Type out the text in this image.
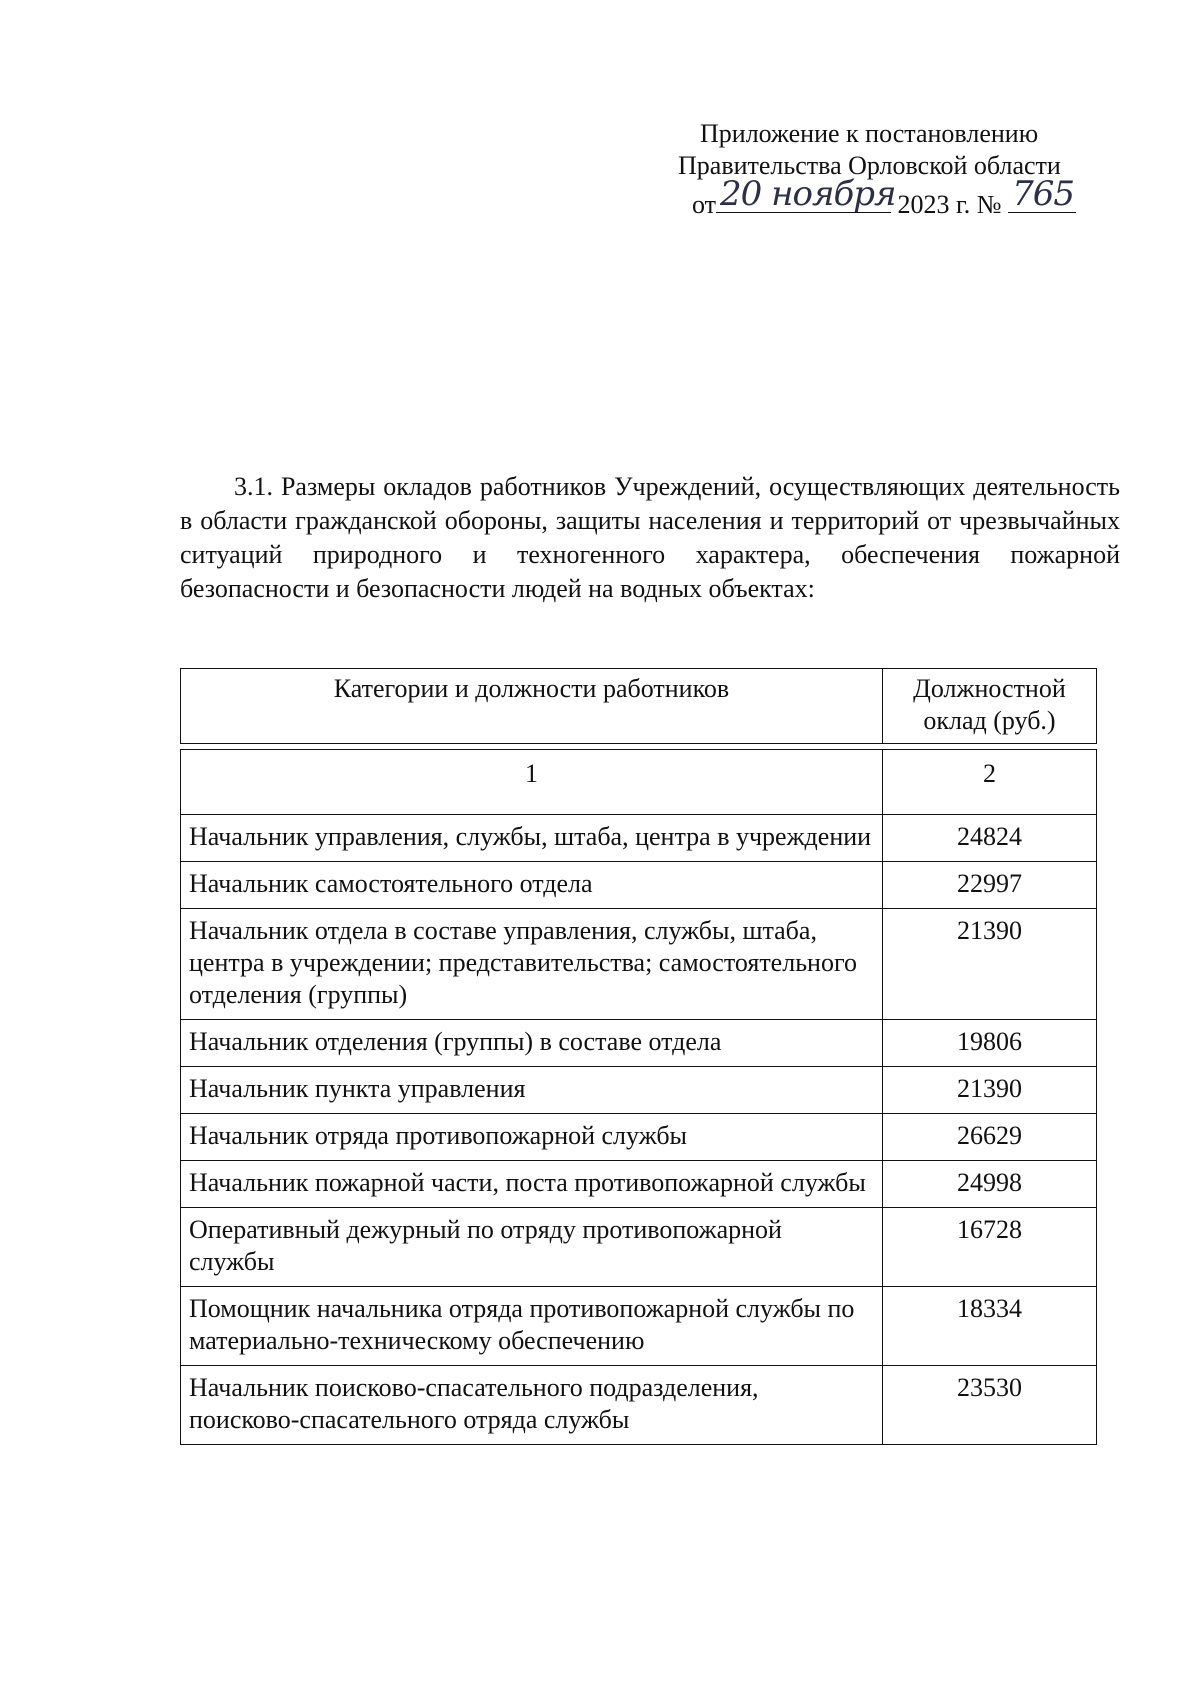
Приложение к постановлению
Правительства Орловской области
от 20 ноября 2023 г. № 765
3.1. Размеры окладов работников Учреждений, осуществляющих деятельность в области гражданской обороны, защиты населения и территорий от чрезвычайных ситуаций природного и техногенного характера, обеспечения пожарной безопасности и безопасности людей на водных объектах:
Категории и должности работников	Должностной оклад (руб.)

1	2
Начальник управления, службы, штаба, центра в учреждении	24824
Начальник самостоятельного отдела	22997
Начальник отдела в составе управления, службы, штаба, центра в учреждении; представительства; самостоятельного отделения (группы)	21390
Начальник отделения (группы) в составе отдела	19806
Начальник пункта управления	21390
Начальник отряда противопожарной службы	26629
Начальник пожарной части, поста противопожарной службы	24998
Оперативный дежурный по отряду противопожарной службы	16728
Помощник начальника отряда противопожарной службы по материально-техническому обеспечению	18334
Начальник поисково-спасательного подразделения, поисково-спасательного отряда службы	23530
